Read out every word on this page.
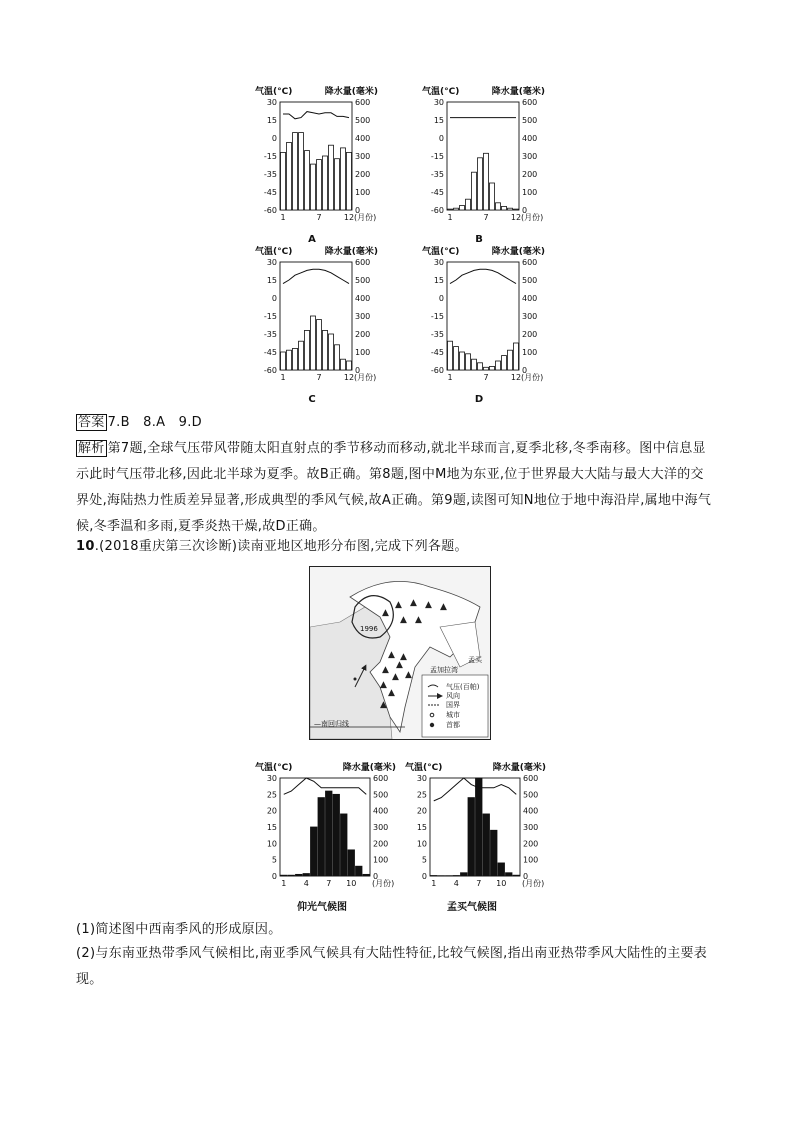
气温(°C)	降水量(毫米)
30	600
15	500
0	400
-15	300
-35	200
-45	100
-60	0
1	7	12 (月份)
A
气温(°C)	降水量(毫米)
30	600
15	500
0	400
-15	300
-35	200
-45	100
-60	0
1	7	12 (月份)
B
气温(°C)	降水量(毫米)
30	600
15	500
0	400
-15	300
-35	200
-45	100
-60	0
1	7	12 (月份)
C
气温(°C)	降水量(毫米)
30	600
15	500
0	400
-15	300
-35	200
-45	100
-60	0
1	7	12 (月份)
D
答案 7.B　8.A　9.D
解析 第7题,全球气压带风带随太阳直射点的季节移动而移动,就北半球而言,夏季北移,冬季南移。图中信息显示此时气压带北移,因此北半球为夏季。故B正确。第8题,图中M地为东亚,位于世界最大大陆与最大大洋的交界处,海陆热力性质差异显著,形成典型的季风气候,故A正确。第9题,读图可知N地位于地中海沿岸,属地中海气候,冬季温和多雨,夏季炎热干燥,故D正确。
10.(2018重庆第三次诊断)读南亚地区地形分布图,完成下列各题。
▲
▲ ▲ ▲ ▲
▲ ▲
▲ ▲
▲
▲
▲
▲
▲
▲
▲
1996
孟加拉湾
孟买
气压(百帕)
风向
国界
城市
首都
—南回归线
气温(°C)	降水量(毫米)
30	600
25	500
20	400
15	300
10	200
5	100
0	0
1 4 7 10 (月份)
仰光气候图
气温(°C)	降水量(毫米)
30	600
25	500
20	400
15	300
10	200
5	100
0	0
1 4 7 10 (月份)
孟买气候图
(1)简述图中西南季风的形成原因。
(2)与东南亚热带季风气候相比,南亚季风气候具有大陆性特征,比较气候图,指出南亚热带季风大陆性的主要表现。
